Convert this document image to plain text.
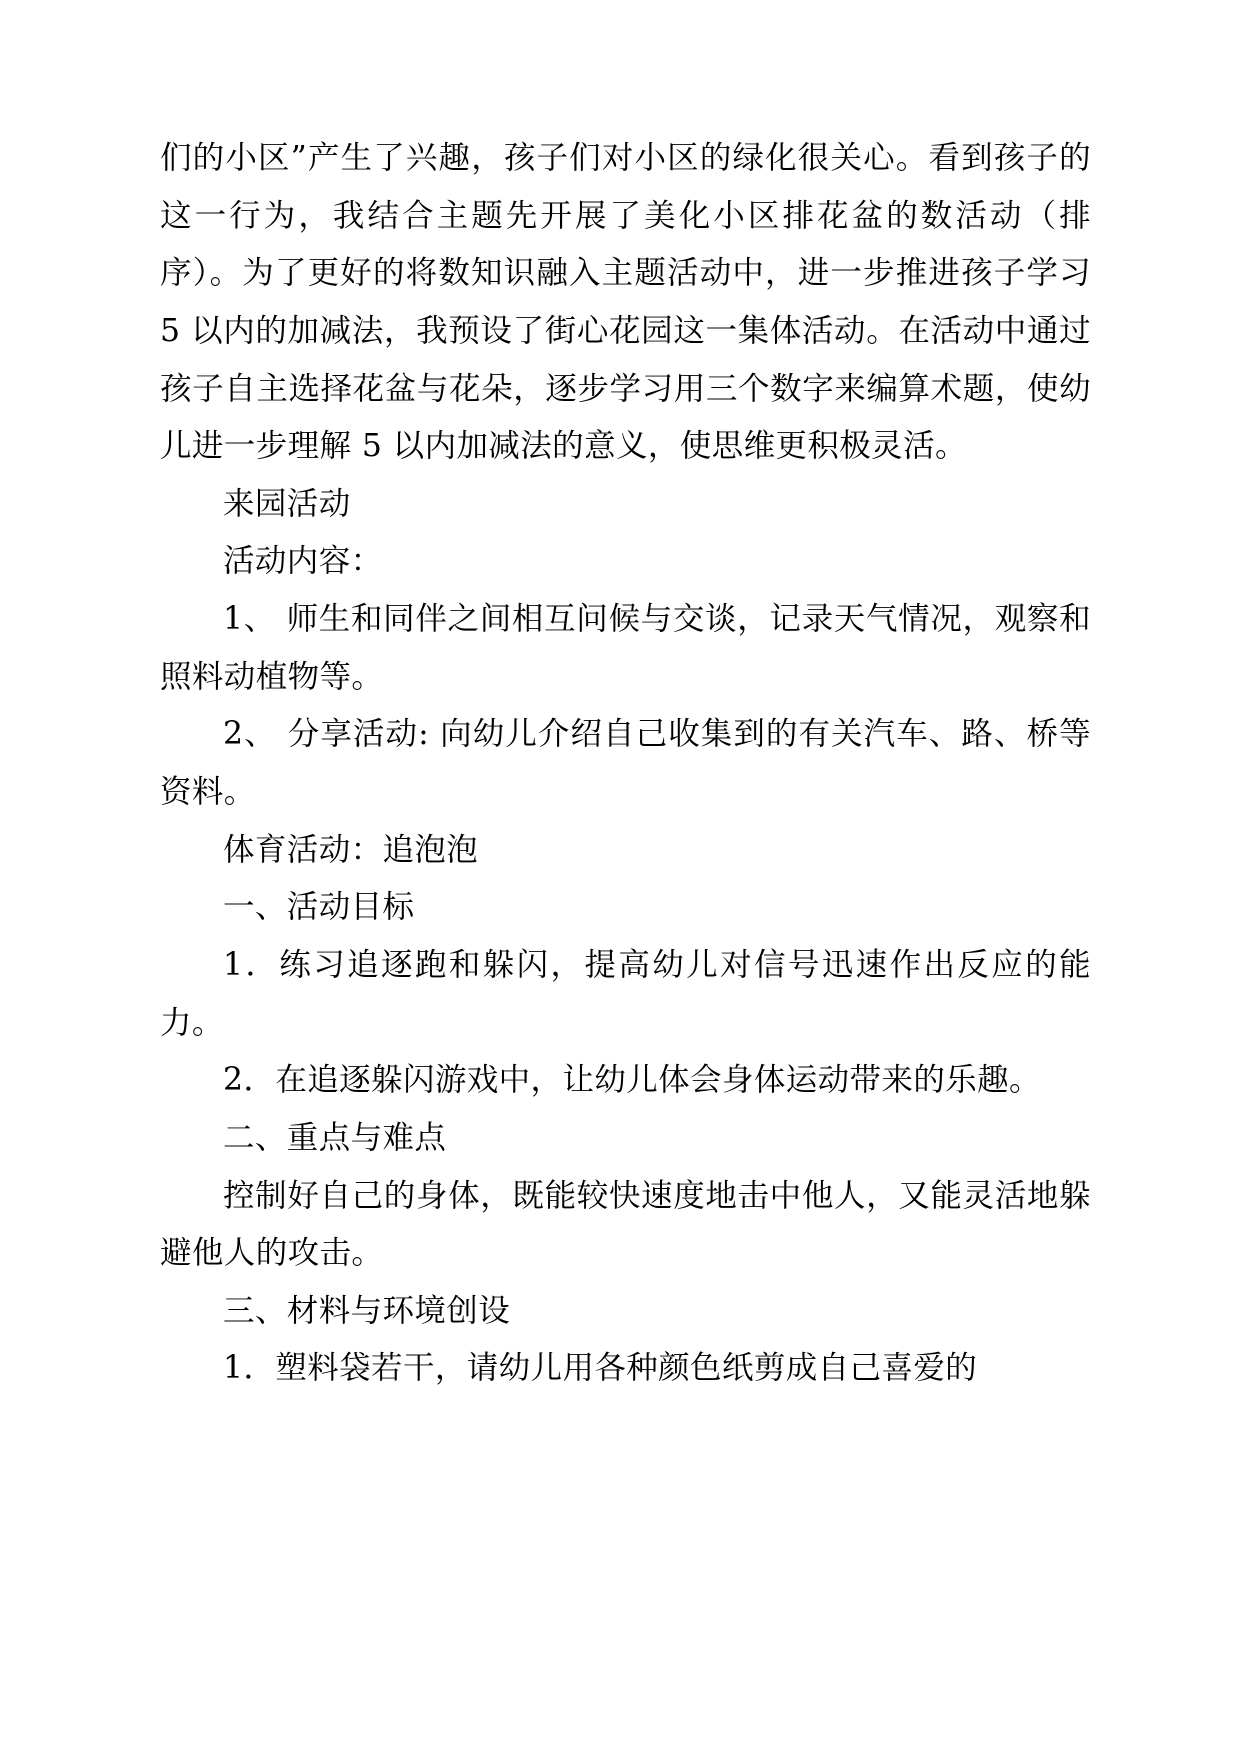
们的小区”产生了兴趣，孩子们对小区的绿化很关心。看到孩子的这一行为，我结合主题先开展了美化小区排花盆的数活动（排序）。为了更好的将数知识融入主题活动中，进一步推进孩子学习 5 以内的加减法，我预设了街心花园这一集体活动。在活动中通过孩子自主选择花盆与花朵，逐步学习用三个数字来编算术题，使幼儿进一步理解 5 以内加减法的意义，使思维更积极灵活。

来园活动

活动内容：

1、 师生和同伴之间相互问候与交谈，记录天气情况，观察和照料动植物等。

2、 分享活动: 向幼儿介绍自己收集到的有关汽车、路、桥等资料。

体育活动：追泡泡

一、活动目标

1．练习追逐跑和躲闪，提高幼儿对信号迅速作出反应的能力。

2．在追逐躲闪游戏中，让幼儿体会身体运动带来的乐趣。

二、重点与难点

控制好自己的身体，既能较快速度地击中他人，又能灵活地躲避他人的攻击。

三、材料与环境创设

1．塑料袋若干，请幼儿用各种颜色纸剪成自己喜爱的
